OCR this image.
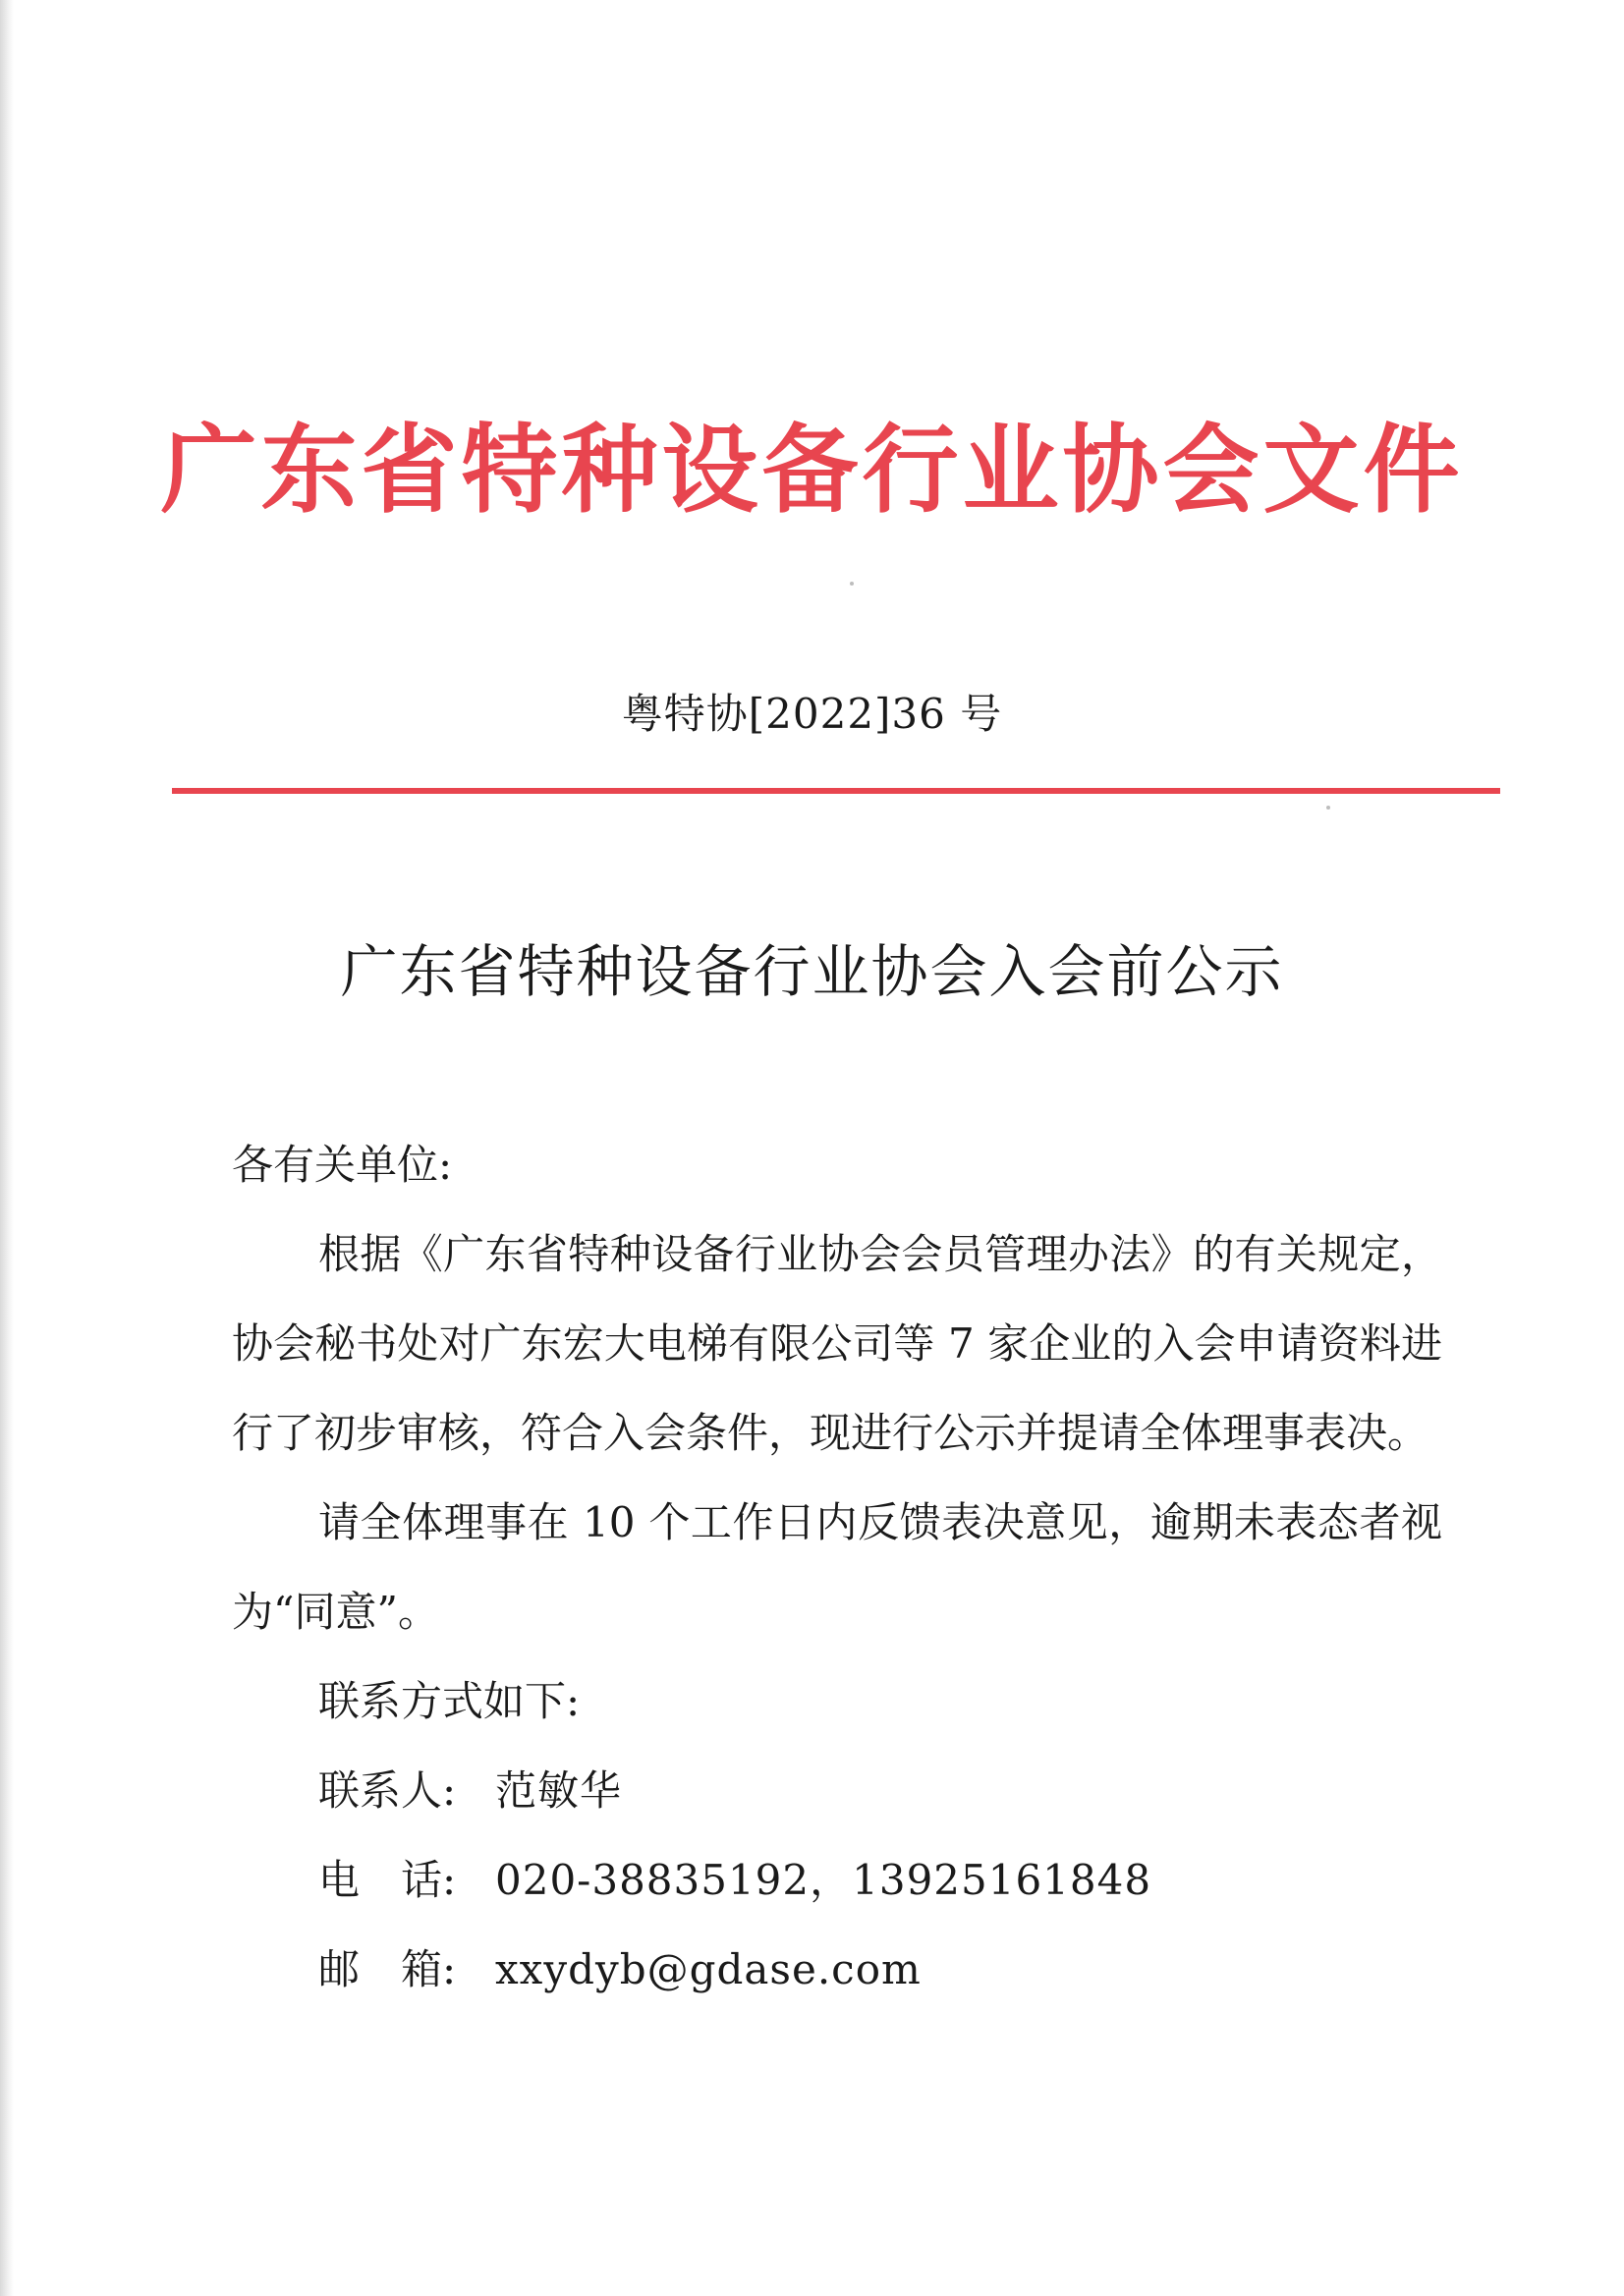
广东省特种设备行业协会文件
粤特协[2022]36 号
广东省特种设备行业协会入会前公示

各有关单位:

根据《广东省特种设备行业协会会员管理办法》的有关规定，协会秘书处对广东宏大电梯有限公司等 7 家企业的入会申请资料进行了初步审核，符合入会条件，现进行公示并提请全体理事表决。

请全体理事在 10 个工作日内反馈表决意见，逾期未表态者视为“同意”。

联系方式如下:

联系人: 范敏华
电　话: 020-38835192，13925161848
邮　箱: xxydyb@gdase.com
